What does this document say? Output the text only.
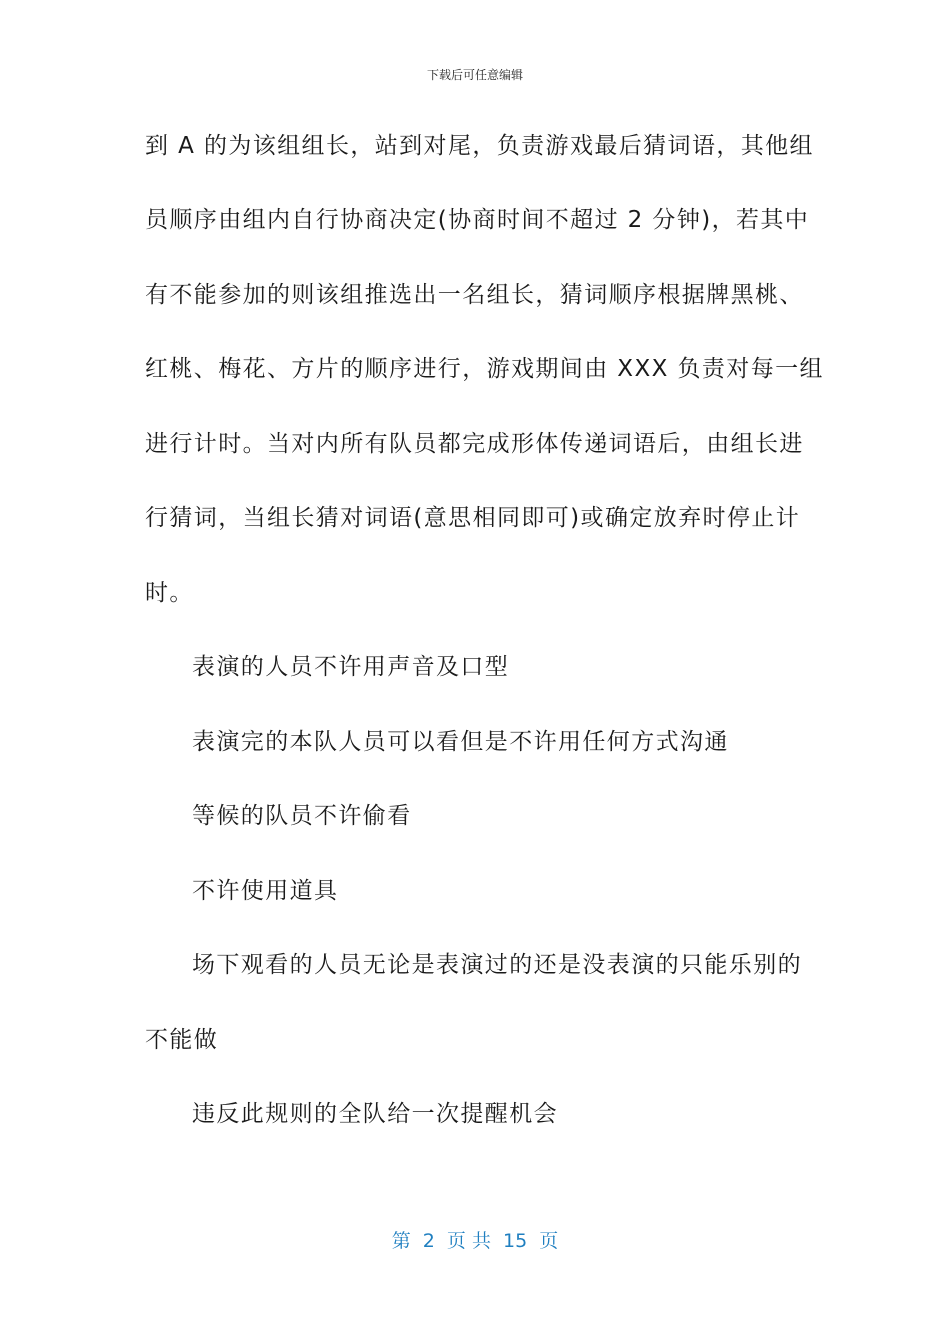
下载后可任意编辑
到 A 的为该组组长，站到对尾，负责游戏最后猜词语，其他组
员顺序由组内自行协商决定(协商时间不超过 2 分钟)，若其中
有不能参加的则该组推选出一名组长，猜词顺序根据牌黑桃、
红桃、梅花、方片的顺序进行，游戏期间由 XXX 负责对每一组
进行计时。当对内所有队员都完成形体传递词语后，由组长进
行猜词，当组长猜对词语(意思相同即可)或确定放弃时停止计
时。
表演的人员不许用声音及口型
表演完的本队人员可以看但是不许用任何方式沟通
等候的队员不许偷看
不许使用道具
场下观看的人员无论是表演过的还是没表演的只能乐别的
不能做
违反此规则的全队给一次提醒机会
第  2  页 共  15  页
